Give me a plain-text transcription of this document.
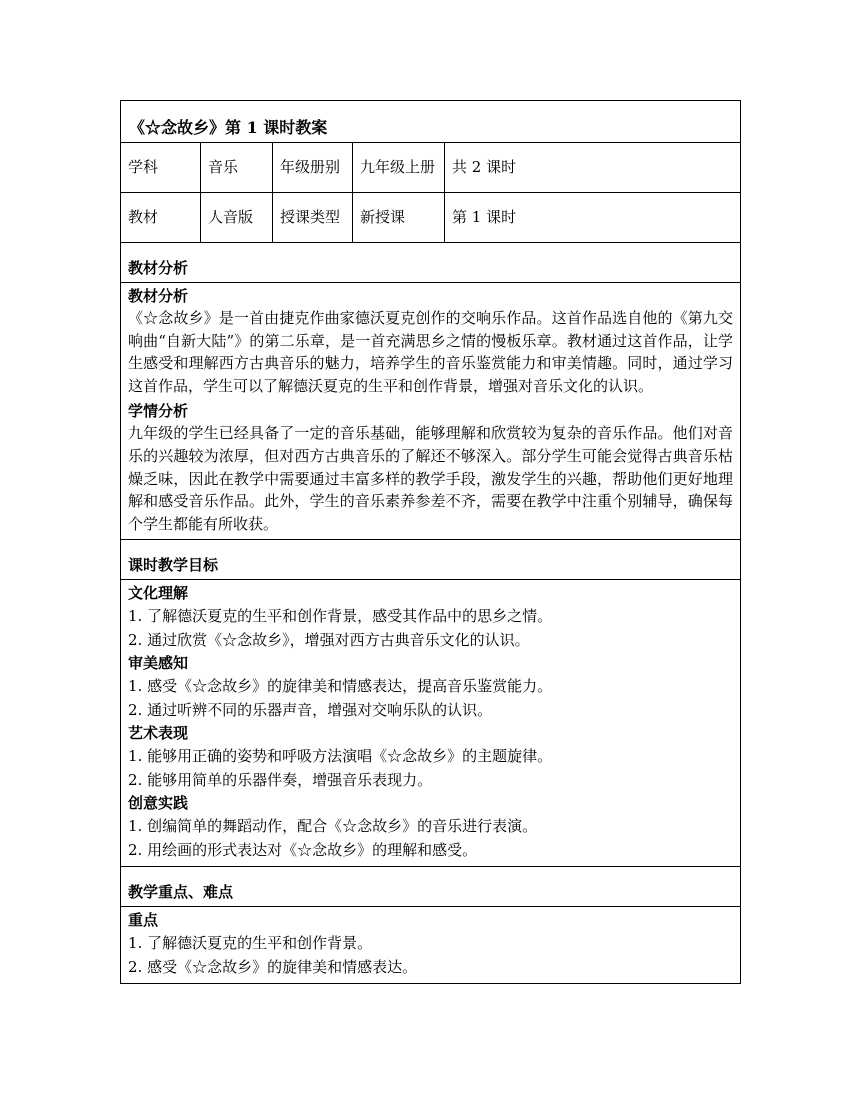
《☆念故乡》第 1 课时教案
学科	音乐	年级册别	九年级上册	共 2 课时
教材	人音版	授课类型	新授课	第 1 课时
教材分析
教材分析
《☆念故乡》是一首由捷克作曲家德沃夏克创作的交响乐作品。这首作品选自他的《第九交响曲“自新大陆”》的第二乐章，是一首充满思乡之情的慢板乐章。教材通过这首作品，让学生感受和理解西方古典音乐的魅力，培养学生的音乐鉴赏能力和审美情趣。同时，通过学习这首作品，学生可以了解德沃夏克的生平和创作背景，增强对音乐文化的认识。
学情分析
九年级的学生已经具备了一定的音乐基础，能够理解和欣赏较为复杂的音乐作品。他们对音乐的兴趣较为浓厚，但对西方古典音乐的了解还不够深入。部分学生可能会觉得古典音乐枯燥乏味，因此在教学中需要通过丰富多样的教学手段，激发学生的兴趣，帮助他们更好地理解和感受音乐作品。此外，学生的音乐素养参差不齐，需要在教学中注重个别辅导，确保每个学生都能有所收获。
课时教学目标
文化理解
1. 了解德沃夏克的生平和创作背景，感受其作品中的思乡之情。
2. 通过欣赏《☆念故乡》，增强对西方古典音乐文化的认识。
审美感知
1. 感受《☆念故乡》的旋律美和情感表达，提高音乐鉴赏能力。
2. 通过听辨不同的乐器声音，增强对交响乐队的认识。
艺术表现
1. 能够用正确的姿势和呼吸方法演唱《☆念故乡》的主题旋律。
2. 能够用简单的乐器伴奏，增强音乐表现力。
创意实践
1. 创编简单的舞蹈动作，配合《☆念故乡》的音乐进行表演。
2. 用绘画的形式表达对《☆念故乡》的理解和感受。
教学重点、难点
重点
1. 了解德沃夏克的生平和创作背景。
2. 感受《☆念故乡》的旋律美和情感表达。
